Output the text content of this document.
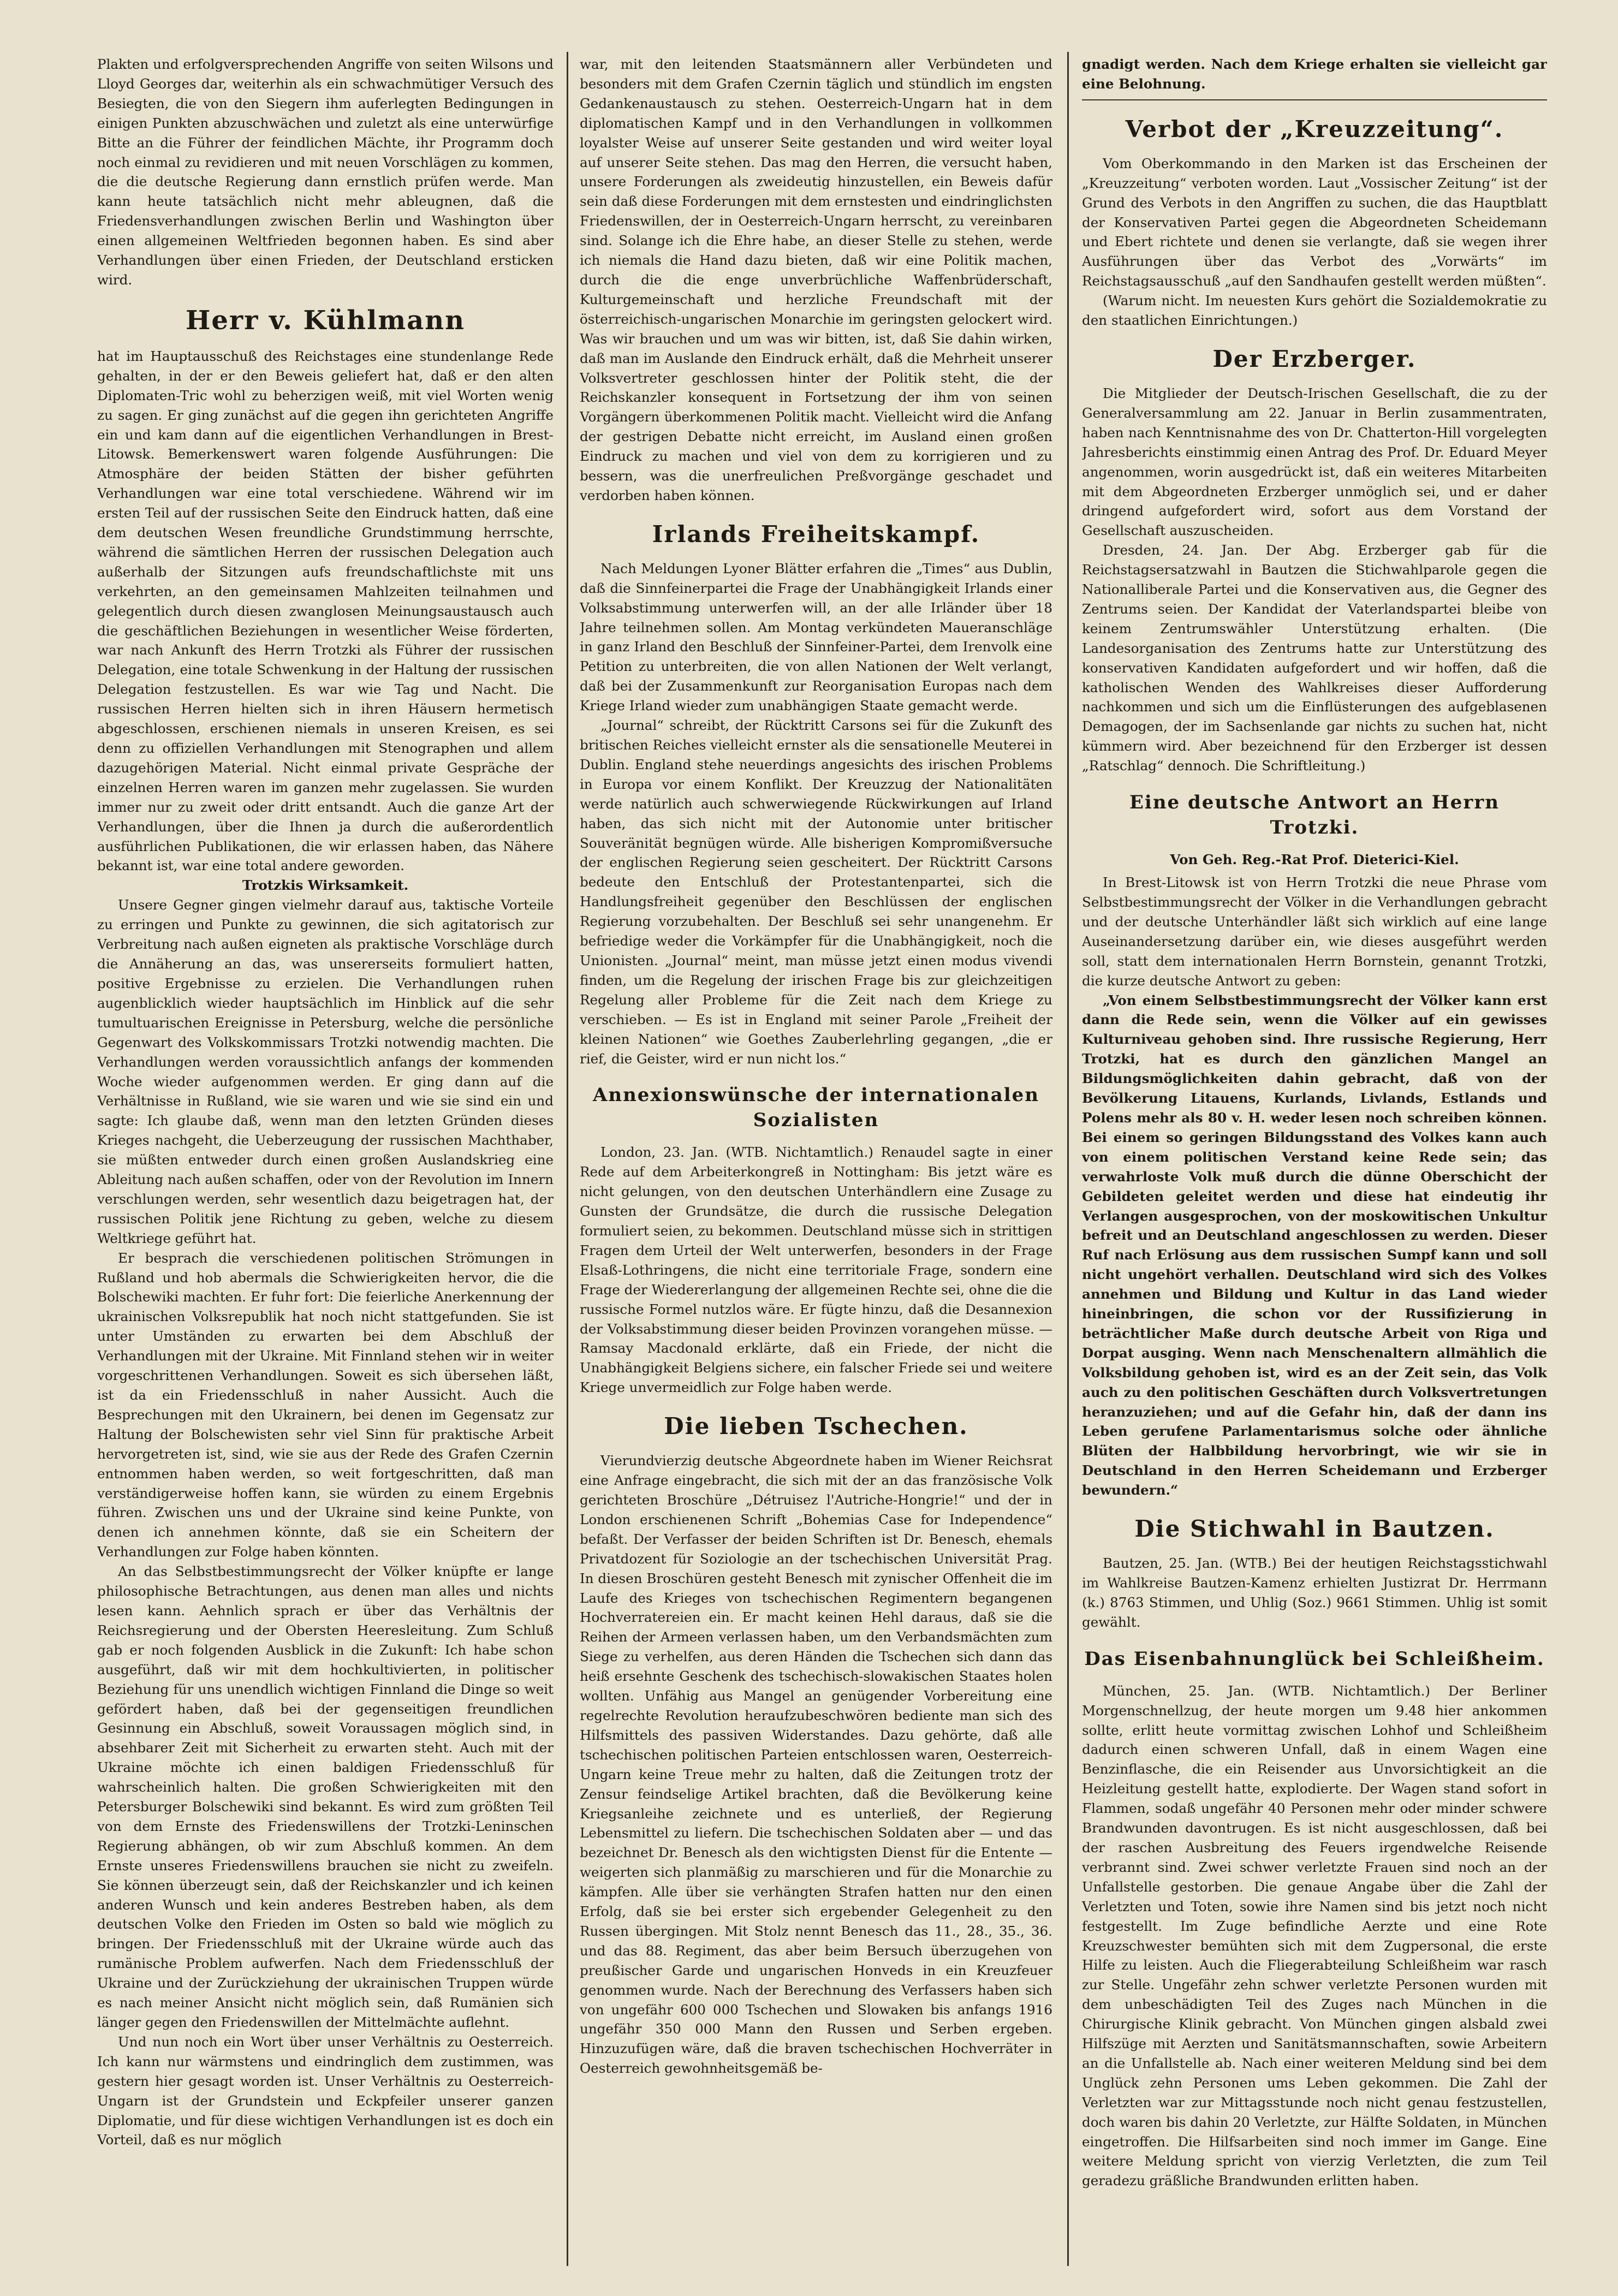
Plakten und erfolgversprechenden Angriffe von seiten Wilsons und Lloyd Georges dar, weiterhin als ein schwachmütiger Versuch des Besiegten, die von den Siegern ihm auferlegten Bedingungen in einigen Punkten abzuschwächen und zuletzt als eine unterwürfige Bitte an die Führer der feindlichen Mächte, ihr Programm doch noch einmal zu revidieren und mit neuen Vorschlägen zu kommen, die die deutsche Regierung dann ernstlich prüfen werde. Man kann heute tatsächlich nicht mehr ableugnen, daß die Friedensverhandlungen zwischen Berlin und Washington über einen allgemeinen Weltfrieden begonnen haben. Es sind aber Verhandlungen über einen Frieden, der Deutschland ersticken wird.

Herr v. Kühlmann

hat im Hauptausschuß des Reichstages eine stundenlange Rede gehalten, in der er den Beweis geliefert hat, daß er den alten Diplomaten-Tric wohl zu beherzigen weiß, mit viel Worten wenig zu sagen. Er ging zunächst auf die gegen ihn gerichteten Angriffe ein und kam dann auf die eigentlichen Verhandlungen in Brest-Litowsk. Bemerkenswert waren folgende Ausführungen: Die Atmosphäre der beiden Stätten der bisher geführten Verhandlungen war eine total verschiedene. Während wir im ersten Teil auf der russischen Seite den Eindruck hatten, daß eine dem deutschen Wesen freundliche Grundstimmung herrschte, während die sämtlichen Herren der russischen Delegation auch außerhalb der Sitzungen aufs freundschaftlichste mit uns verkehrten, an den gemeinsamen Mahlzeiten teilnahmen und gelegentlich durch diesen zwanglosen Meinungsaustausch auch die geschäftlichen Beziehungen in wesentlicher Weise förderten, war nach Ankunft des Herrn Trotzki als Führer der russischen Delegation, eine totale Schwenkung in der Haltung der russischen Delegation festzustellen. Es war wie Tag und Nacht. Die russischen Herren hielten sich in ihren Häusern hermetisch abgeschlossen, erschienen niemals in unseren Kreisen, es sei denn zu offiziellen Verhandlungen mit Stenographen und allem dazugehörigen Material. Nicht einmal private Gespräche der einzelnen Herren waren im ganzen mehr zugelassen. Sie wurden immer nur zu zweit oder dritt entsandt. Auch die ganze Art der Verhandlungen, über die Ihnen ja durch die außerordentlich ausführlichen Publikationen, die wir erlassen haben, das Nähere bekannt ist, war eine total andere geworden.

Trotzkis Wirksamkeit.

Unsere Gegner gingen vielmehr darauf aus, taktische Vorteile zu erringen und Punkte zu gewinnen, die sich agitatorisch zur Verbreitung nach außen eigneten als praktische Vorschläge durch die Annäherung an das, was unsererseits formuliert hatten, positive Ergebnisse zu erzielen. Die Verhandlungen ruhen augenblicklich wieder hauptsächlich im Hinblick auf die sehr tumultuarischen Ereignisse in Petersburg, welche die persönliche Gegenwart des Volkskommissars Trotzki notwendig machten. Die Verhandlungen werden voraussichtlich anfangs der kommenden Woche wieder aufgenommen werden. Er ging dann auf die Verhältnisse in Rußland, wie sie waren und wie sie sind ein und sagte: Ich glaube daß, wenn man den letzten Gründen dieses Krieges nachgeht, die Ueberzeugung der russischen Machthaber, sie müßten entweder durch einen großen Auslandskrieg eine Ableitung nach außen schaffen, oder von der Revolution im Innern verschlungen werden, sehr wesentlich dazu beigetragen hat, der russischen Politik jene Richtung zu geben, welche zu diesem Weltkriege geführt hat.

Er besprach die verschiedenen politischen Strömungen in Rußland und hob abermals die Schwierigkeiten hervor, die die Bolschewiki machten. Er fuhr fort: Die feierliche Anerkennung der ukrainischen Volksrepublik hat noch nicht stattgefunden. Sie ist unter Umständen zu erwarten bei dem Abschluß der Verhandlungen mit der Ukraine. Mit Finnland stehen wir in weiter vorgeschrittenen Verhandlungen. Soweit es sich übersehen läßt, ist da ein Friedensschluß in naher Aussicht. Auch die Besprechungen mit den Ukrainern, bei denen im Gegensatz zur Haltung der Bolschewisten sehr viel Sinn für praktische Arbeit hervorgetreten ist, sind, wie sie aus der Rede des Grafen Czernin entnommen haben werden, so weit fortgeschritten, daß man verständigerweise hoffen kann, sie würden zu einem Ergebnis führen. Zwischen uns und der Ukraine sind keine Punkte, von denen ich annehmen könnte, daß sie ein Scheitern der Verhandlungen zur Folge haben könnten.

An das Selbstbestimmungsrecht der Völker knüpfte er lange philosophische Betrachtungen, aus denen man alles und nichts lesen kann. Aehnlich sprach er über das Verhältnis der Reichsregierung und der Obersten Heeresleitung. Zum Schluß gab er noch folgenden Ausblick in die Zukunft: Ich habe schon ausgeführt, daß wir mit dem hochkultivierten, in politischer Beziehung für uns unendlich wichtigen Finnland die Dinge so weit gefördert haben, daß bei der gegenseitigen freundlichen Gesinnung ein Abschluß, soweit Voraussagen möglich sind, in absehbarer Zeit mit Sicherheit zu erwarten steht. Auch mit der Ukraine möchte ich einen baldigen Friedensschluß für wahrscheinlich halten. Die großen Schwierigkeiten mit den Petersburger Bolschewiki sind bekannt. Es wird zum größten Teil von dem Ernste des Friedenswillens der Trotzki-Leninschen Regierung abhängen, ob wir zum Abschluß kommen. An dem Ernste unseres Friedenswillens brauchen sie nicht zu zweifeln. Sie können überzeugt sein, daß der Reichskanzler und ich keinen anderen Wunsch und kein anderes Bestreben haben, als dem deutschen Volke den Frieden im Osten so bald wie möglich zu bringen. Der Friedensschluß mit der Ukraine würde auch das rumänische Problem aufwerfen. Nach dem Friedensschluß der Ukraine und der Zurückziehung der ukrainischen Truppen würde es nach meiner Ansicht nicht möglich sein, daß Rumänien sich länger gegen den Friedenswillen der Mittelmächte auflehnt.

Und nun noch ein Wort über unser Verhältnis zu Oesterreich. Ich kann nur wärmstens und eindringlich dem zustimmen, was gestern hier gesagt worden ist. Unser Verhältnis zu Oesterreich-Ungarn ist der Grundstein und Eckpfeiler unserer ganzen Diplomatie, und für diese wichtigen Verhandlungen ist es doch ein Vorteil, daß es nur möglich

war, mit den leitenden Staatsmännern aller Verbündeten und besonders mit dem Grafen Czernin täglich und stündlich im engsten Gedankenaustausch zu stehen. Oesterreich-Ungarn hat in dem diplomatischen Kampf und in den Verhandlungen in vollkommen loyalster Weise auf unserer Seite gestanden und wird weiter loyal auf unserer Seite stehen. Das mag den Herren, die versucht haben, unsere Forderungen als zweideutig hinzustellen, ein Beweis dafür sein daß diese Forderungen mit dem ernstesten und eindringlichsten Friedenswillen, der in Oesterreich-Ungarn herrscht, zu vereinbaren sind. Solange ich die Ehre habe, an dieser Stelle zu stehen, werde ich niemals die Hand dazu bieten, daß wir eine Politik machen, durch die die enge unverbrüchliche Waffenbrüderschaft, Kulturgemeinschaft und herzliche Freundschaft mit der österreichisch-ungarischen Monarchie im geringsten gelockert wird. Was wir brauchen und um was wir bitten, ist, daß Sie dahin wirken, daß man im Auslande den Eindruck erhält, daß die Mehrheit unserer Volksvertreter geschlossen hinter der Politik steht, die der Reichskanzler konsequent in Fortsetzung der ihm von seinen Vorgängern überkommenen Politik macht. Vielleicht wird die Anfang der gestrigen Debatte nicht erreicht, im Ausland einen großen Eindruck zu machen und viel von dem zu korrigieren und zu bessern, was die unerfreulichen Preßvorgänge geschadet und verdorben haben können.

Irlands Freiheitskampf.

Nach Meldungen Lyoner Blätter erfahren die „Times“ aus Dublin, daß die Sinnfeinerpartei die Frage der Unabhängigkeit Irlands einer Volksabstimmung unterwerfen will, an der alle Irländer über 18 Jahre teilnehmen sollen. Am Montag verkündeten Maueranschläge in ganz Irland den Beschluß der Sinnfeiner-Partei, dem Irenvolk eine Petition zu unterbreiten, die von allen Nationen der Welt verlangt, daß bei der Zusammenkunft zur Reorganisation Europas nach dem Kriege Irland wieder zum unabhängigen Staate gemacht werde.

„Journal“ schreibt, der Rücktritt Carsons sei für die Zukunft des britischen Reiches vielleicht ernster als die sensationelle Meuterei in Dublin. England stehe neuerdings angesichts des irischen Problems in Europa vor einem Konflikt. Der Kreuzzug der Nationalitäten werde natürlich auch schwerwiegende Rückwirkungen auf Irland haben, das sich nicht mit der Autonomie unter britischer Souveränität begnügen würde. Alle bisherigen Kompromißversuche der englischen Regierung seien gescheitert. Der Rücktritt Carsons bedeute den Entschluß der Protestantenpartei, sich die Handlungsfreiheit gegenüber den Beschlüssen der englischen Regierung vorzubehalten. Der Beschluß sei sehr unangenehm. Er befriedige weder die Vorkämpfer für die Unabhängigkeit, noch die Unionisten. „Journal“ meint, man müsse jetzt einen modus vivendi finden, um die Regelung der irischen Frage bis zur gleichzeitigen Regelung aller Probleme für die Zeit nach dem Kriege zu verschieben. — Es ist in England mit seiner Parole „Freiheit der kleinen Nationen“ wie Goethes Zauberlehrling gegangen, „die er rief, die Geister, wird er nun nicht los.“

Annexionswünsche der internationalen Sozialisten

London, 23. Jan. (WTB. Nichtamtlich.) Renaudel sagte in einer Rede auf dem Arbeiterkongreß in Nottingham: Bis jetzt wäre es nicht gelungen, von den deutschen Unterhändlern eine Zusage zu Gunsten der Grundsätze, die durch die russische Delegation formuliert seien, zu bekommen. Deutschland müsse sich in strittigen Fragen dem Urteil der Welt unterwerfen, besonders in der Frage Elsaß-Lothringens, die nicht eine territoriale Frage, sondern eine Frage der Wiedererlangung der allgemeinen Rechte sei, ohne die die russische Formel nutzlos wäre. Er fügte hinzu, daß die Desannexion der Volksabstimmung dieser beiden Provinzen vorangehen müsse. — Ramsay Macdonald erklärte, daß ein Friede, der nicht die Unabhängigkeit Belgiens sichere, ein falscher Friede sei und weitere Kriege unvermeidlich zur Folge haben werde.

Die lieben Tschechen.

Vierundvierzig deutsche Abgeordnete haben im Wiener Reichsrat eine Anfrage eingebracht, die sich mit der an das französische Volk gerichteten Broschüre „Détruisez l'Autriche-Hongrie!“ und der in London erschienenen Schrift „Bohemias Case for Independence“ befaßt. Der Verfasser der beiden Schriften ist Dr. Benesch, ehemals Privatdozent für Soziologie an der tschechischen Universität Prag. In diesen Broschüren gesteht Benesch mit zynischer Offenheit die im Laufe des Krieges von tschechischen Regimentern begangenen Hochverratereien ein. Er macht keinen Hehl daraus, daß sie die Reihen der Armeen verlassen haben, um den Verbandsmächten zum Siege zu verhelfen, aus deren Händen die Tschechen sich dann das heiß ersehnte Geschenk des tschechisch-slowakischen Staates holen wollten. Unfähig aus Mangel an genügender Vorbereitung eine regelrechte Revolution heraufzubeschwören bediente man sich des Hilfsmittels des passiven Widerstandes. Dazu gehörte, daß alle tschechischen politischen Parteien entschlossen waren, Oesterreich-Ungarn keine Treue mehr zu halten, daß die Zeitungen trotz der Zensur feindselige Artikel brachten, daß die Bevölkerung keine Kriegsanleihe zeichnete und es unterließ, der Regierung Lebensmittel zu liefern. Die tschechischen Soldaten aber — und das bezeichnet Dr. Benesch als den wichtigsten Dienst für die Entente — weigerten sich planmäßig zu marschieren und für die Monarchie zu kämpfen. Alle über sie verhängten Strafen hatten nur den einen Erfolg, daß sie bei erster sich ergebender Gelegenheit zu den Russen übergingen. Mit Stolz nennt Benesch das 11., 28., 35., 36. und das 88. Regiment, das aber beim Bersuch überzugehen von preußischer Garde und ungarischen Honveds in ein Kreuzfeuer genommen wurde. Nach der Berechnung des Verfassers haben sich von ungefähr 600 000 Tschechen und Slowaken bis anfangs 1916 ungefähr 350 000 Mann den Russen und Serben ergeben. Hinzuzufügen wäre, daß die braven tschechischen Hochverräter in Oesterreich gewohnheitsgemäß be-

gnadigt werden. Nach dem Kriege erhalten sie vielleicht gar eine Belohnung.

Verbot der „Kreuzzeitung“.

Vom Oberkommando in den Marken ist das Erscheinen der „Kreuzzeitung“ verboten worden. Laut „Vossischer Zeitung“ ist der Grund des Verbots in den Angriffen zu suchen, die das Hauptblatt der Konservativen Partei gegen die Abgeordneten Scheidemann und Ebert richtete und denen sie verlangte, daß sie wegen ihrer Ausführungen über das Verbot des „Vorwärts“ im Reichstagsausschuß „auf den Sandhaufen gestellt werden müßten“.

(Warum nicht. Im neuesten Kurs gehört die Sozialdemokratie zu den staatlichen Einrichtungen.)

Der Erzberger.

Die Mitglieder der Deutsch-Irischen Gesellschaft, die zu der Generalversammlung am 22. Januar in Berlin zusammentraten, haben nach Kenntnisnahme des von Dr. Chatterton-Hill vorgelegten Jahresberichts einstimmig einen Antrag des Prof. Dr. Eduard Meyer angenommen, worin ausgedrückt ist, daß ein weiteres Mitarbeiten mit dem Abgeordneten Erzberger unmöglich sei, und er daher dringend aufgefordert wird, sofort aus dem Vorstand der Gesellschaft auszuscheiden.

Dresden, 24. Jan. Der Abg. Erzberger gab für die Reichstagsersatzwahl in Bautzen die Stichwahlparole gegen die Nationalliberale Partei und die Konservativen aus, die Gegner des Zentrums seien. Der Kandidat der Vaterlandspartei bleibe von keinem Zentrumswähler Unterstützung erhalten. (Die Landesorganisation des Zentrums hatte zur Unterstützung des konservativen Kandidaten aufgefordert und wir hoffen, daß die katholischen Wenden des Wahlkreises dieser Aufforderung nachkommen und sich um die Einflüsterungen des aufgeblasenen Demagogen, der im Sachsenlande gar nichts zu suchen hat, nicht kümmern wird. Aber bezeichnend für den Erzberger ist dessen „Ratschlag“ dennoch. Die Schriftleitung.)

Eine deutsche Antwort an Herrn Trotzki.

Von Geh. Reg.-Rat Prof. Dieterici-Kiel.

In Brest-Litowsk ist von Herrn Trotzki die neue Phrase vom Selbstbestimmungsrecht der Völker in die Verhandlungen gebracht und der deutsche Unterhändler läßt sich wirklich auf eine lange Auseinandersetzung darüber ein, wie dieses ausgeführt werden soll, statt dem internationalen Herrn Bornstein, genannt Trotzki, die kurze deutsche Antwort zu geben:

„Von einem Selbstbestimmungsrecht der Völker kann erst dann die Rede sein, wenn die Völker auf ein gewisses Kulturniveau gehoben sind. Ihre russische Regierung, Herr Trotzki, hat es durch den gänzlichen Mangel an Bildungsmöglichkeiten dahin gebracht, daß von der Bevölkerung Litauens, Kurlands, Livlands, Estlands und Polens mehr als 80 v. H. weder lesen noch schreiben können. Bei einem so geringen Bildungsstand des Volkes kann auch von einem politischen Verstand keine Rede sein; das verwahrloste Volk muß durch die dünne Oberschicht der Gebildeten geleitet werden und diese hat eindeutig ihr Verlangen ausgesprochen, von der moskowitischen Unkultur befreit und an Deutschland angeschlossen zu werden. Dieser Ruf nach Erlösung aus dem russischen Sumpf kann und soll nicht ungehört verhallen. Deutschland wird sich des Volkes annehmen und Bildung und Kultur in das Land wieder hineinbringen, die schon vor der Russifizierung in beträchtlicher Maße durch deutsche Arbeit von Riga und Dorpat ausging. Wenn nach Menschenaltern allmählich die Volksbildung gehoben ist, wird es an der Zeit sein, das Volk auch zu den politischen Geschäften durch Volksvertretungen heranzuziehen; und auf die Gefahr hin, daß der dann ins Leben gerufene Parlamentarismus solche oder ähnliche Blüten der Halbbildung hervorbringt, wie wir sie in Deutschland in den Herren Scheidemann und Erzberger bewundern.“

Die Stichwahl in Bautzen.

Bautzen, 25. Jan. (WTB.) Bei der heutigen Reichstagsstichwahl im Wahlkreise Bautzen-Kamenz erhielten Justizrat Dr. Herrmann (k.) 8763 Stimmen, und Uhlig (Soz.) 9661 Stimmen. Uhlig ist somit gewählt.

Das Eisenbahnunglück bei Schleißheim.

München, 25. Jan. (WTB. Nichtamtlich.) Der Berliner Morgenschnellzug, der heute morgen um 9.48 hier ankommen sollte, erlitt heute vormittag zwischen Lohhof und Schleißheim dadurch einen schweren Unfall, daß in einem Wagen eine Benzinflasche, die ein Reisender aus Unvorsichtigkeit an die Heizleitung gestellt hatte, explodierte. Der Wagen stand sofort in Flammen, sodaß ungefähr 40 Personen mehr oder minder schwere Brandwunden davontrugen. Es ist nicht ausgeschlossen, daß bei der raschen Ausbreitung des Feuers irgendwelche Reisende verbrannt sind. Zwei schwer verletzte Frauen sind noch an der Unfallstelle gestorben. Die genaue Angabe über die Zahl der Verletzten und Toten, sowie ihre Namen sind bis jetzt noch nicht festgestellt. Im Zuge befindliche Aerzte und eine Rote Kreuzschwester bemühten sich mit dem Zugpersonal, die erste Hilfe zu leisten. Auch die Fliegerabteilung Schleißheim war rasch zur Stelle. Ungefähr zehn schwer verletzte Personen wurden mit dem unbeschädigten Teil des Zuges nach München in die Chirurgische Klinik gebracht. Von München gingen alsbald zwei Hilfszüge mit Aerzten und Sanitätsmannschaften, sowie Arbeitern an die Unfallstelle ab. Nach einer weiteren Meldung sind bei dem Unglück zehn Personen ums Leben gekommen. Die Zahl der Verletzten war zur Mittagsstunde noch nicht genau festzustellen, doch waren bis dahin 20 Verletzte, zur Hälfte Soldaten, in München eingetroffen. Die Hilfsarbeiten sind noch immer im Gange. Eine weitere Meldung spricht von vierzig Verletzten, die zum Teil geradezu gräßliche Brandwunden erlitten haben.
